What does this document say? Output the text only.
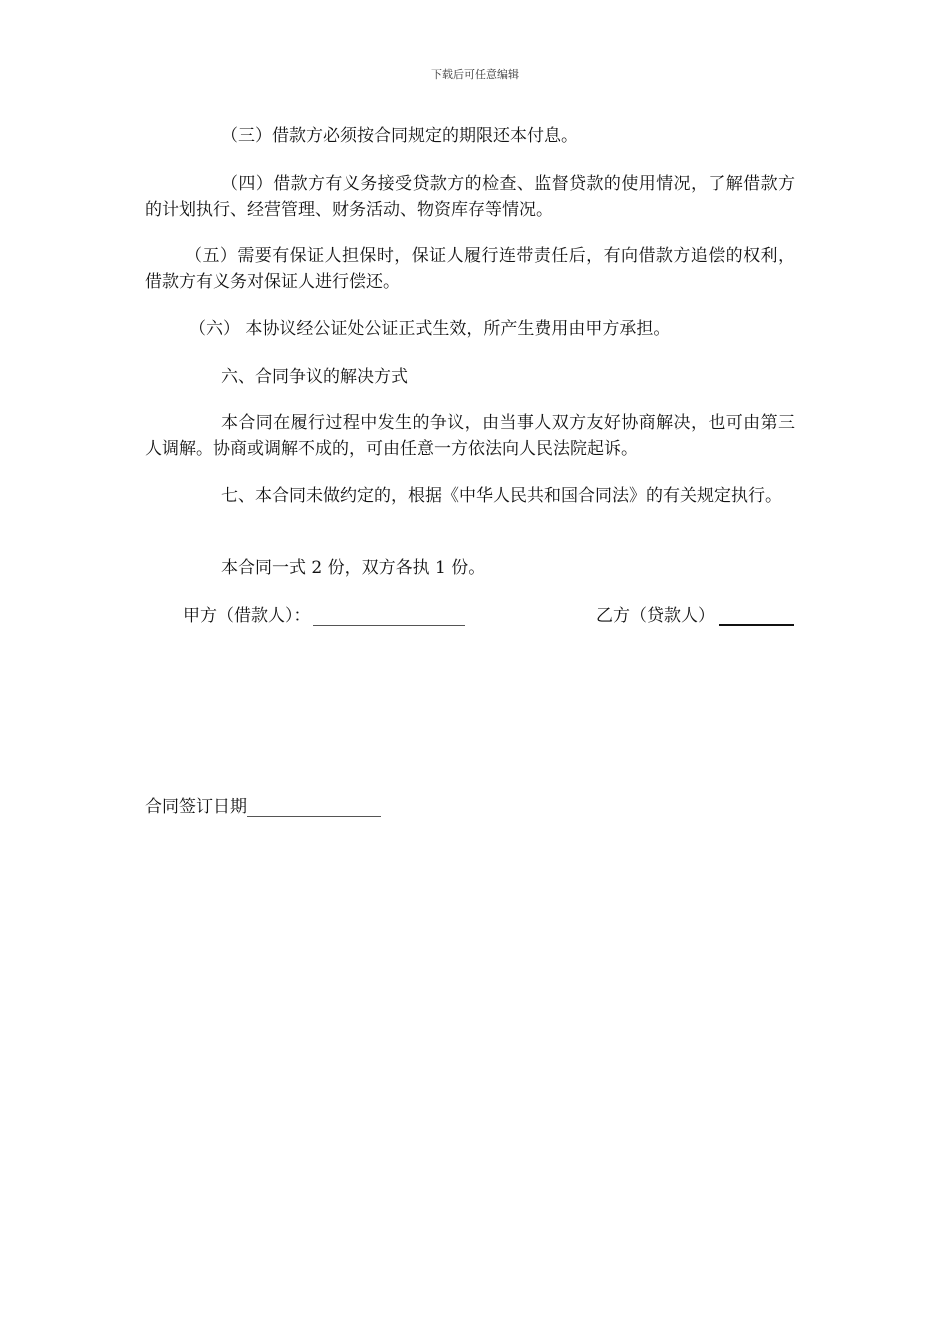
下载后可任意编辑

（三）借款方必须按合同规定的期限还本付息。

（四）借款方有义务接受贷款方的检查、监督贷款的使用情况，了解借款方的计划执行、经营管理、财务活动、物资库存等情况。

（五）需要有保证人担保时，保证人履行连带责任后，有向借款方追偿的权利，借款方有义务对保证人进行偿还。

（六） 本协议经公证处公证正式生效，所产生费用由甲方承担。

六、合同争议的解决方式

本合同在履行过程中发生的争议，由当事人双方友好协商解决，也可由第三人调解。协商或调解不成的，可由任意一方依法向人民法院起诉。

七、本合同未做约定的，根据《中华人民共和国合同法》的有关规定执行。

本合同一式 2 份，双方各执 1 份。

甲方（借款人）：	乙方（贷款人）
合同签订日期
